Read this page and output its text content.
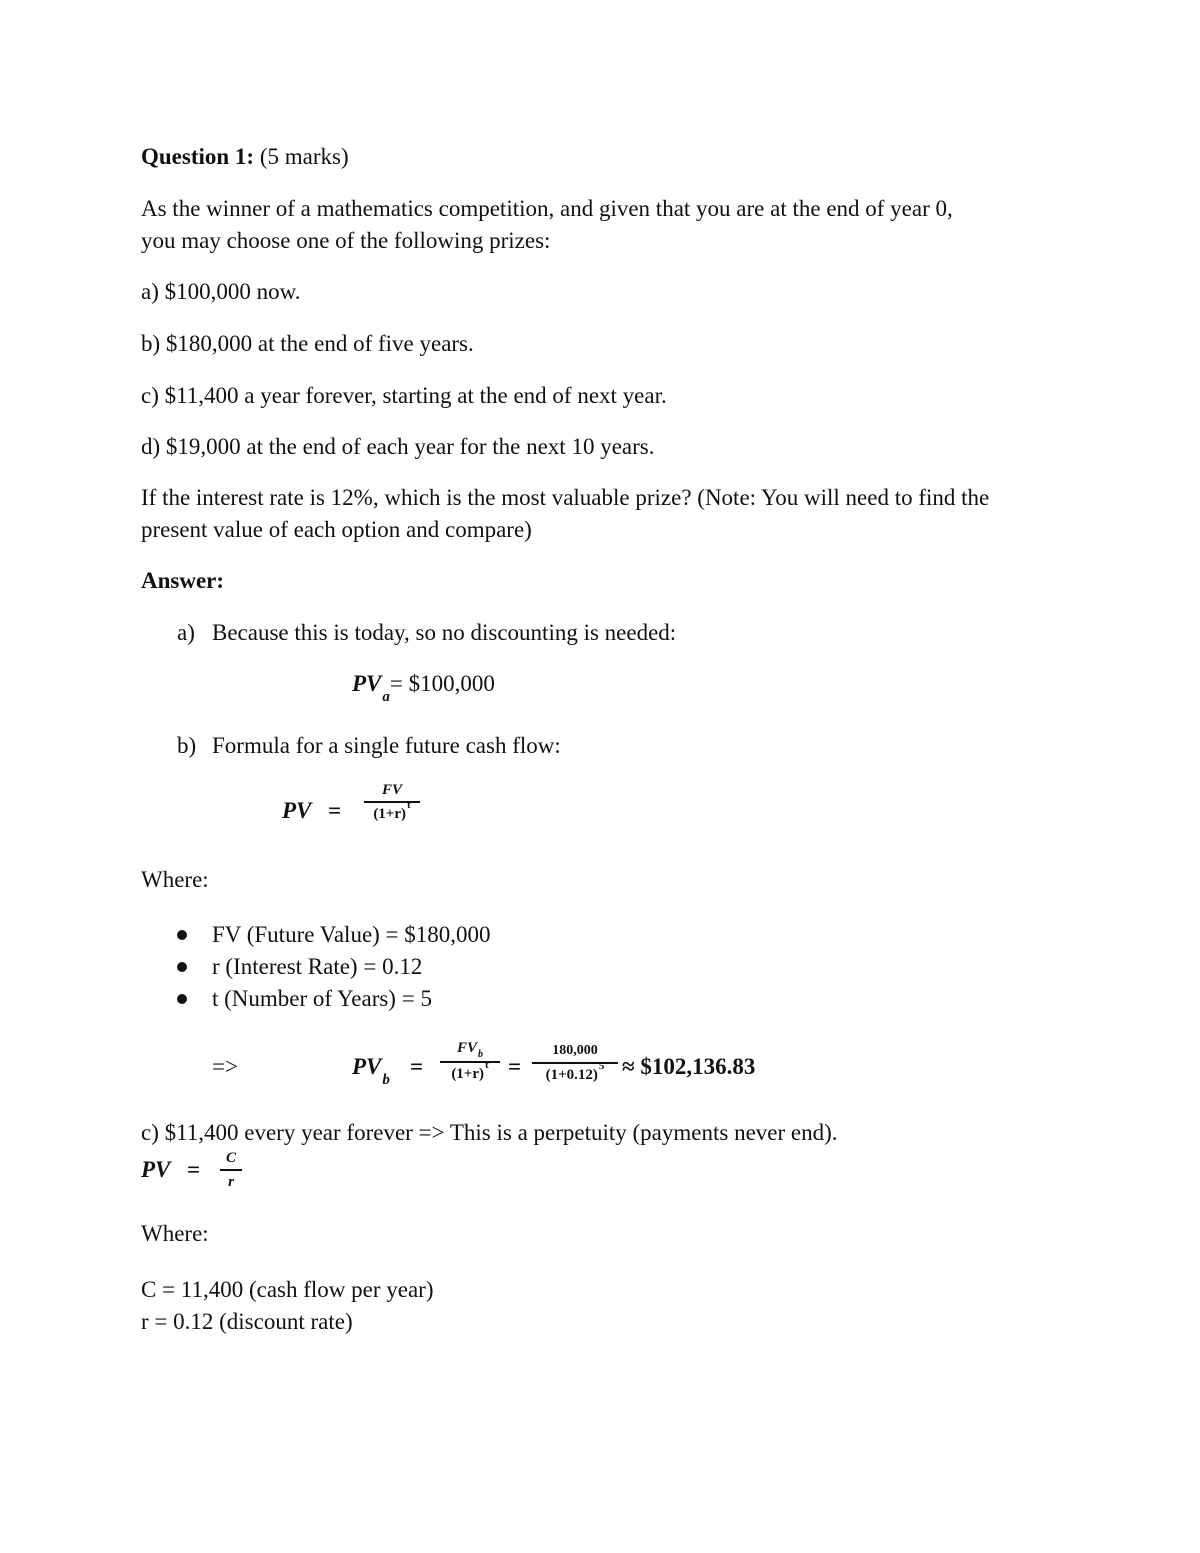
Question 1: (5 marks)
As the winner of a mathematics competition, and given that you are at the end of year 0,
you may choose one of the following prizes:
a) $100,000 now.
b) $180,000 at the end of five years.
c) $11,400 a year forever, starting at the end of next year.
d) $19,000 at the end of each year for the next 10 years.
If the interest rate is 12%, which is the most valuable prize? (Note: You will need to find the
present value of each option and compare)
Answer:
a) Because this is today, so no discounting is needed:
$PV_a=$ $100,000
b) Formula for a single future cash flow:
PV =
FV
$(1+r)^t$
Where:
FV (Future Value) = $180,000
r (Interest Rate) = 0.12
t (Number of Years) = 5
=>	$PV_b$
=
$FV_b$
$(1+r)^t$ =
180,000
$(1+0.12)^5$ ≈ $102,136.83
c) $11,400 every year forever => This is a perpetuity (payments never end).
PV =	C
r
Where:
C = 11,400 (cash flow per year)
r = 0.12 (discount rate)
